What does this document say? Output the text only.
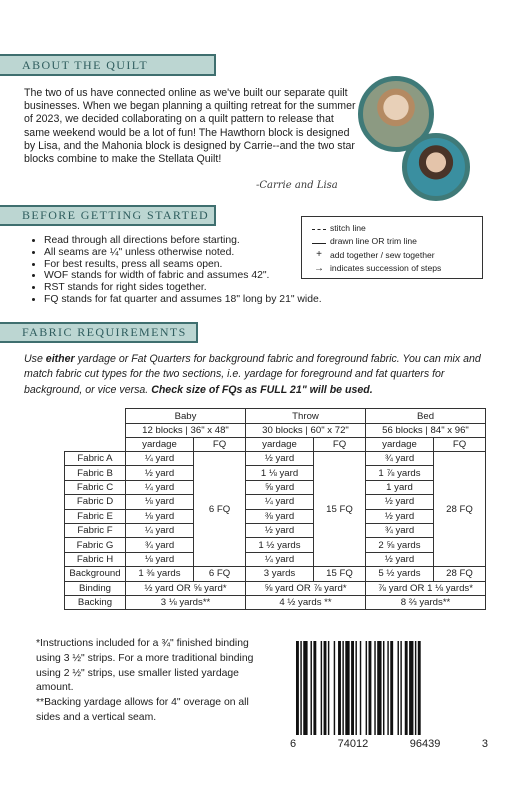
ABOUT THE QUILT

The two of us have connected online as we've built our separate quilt businesses. When we began planning a quilting retreat for the summer of 2023, we decided collaborating on a quilt pattern to release that same weekend would be a lot of fun! The Hawthorn block is designed by Lisa, and the Mahonia block is designed by Carrie--and the two star blocks combine to make the Stellata Quilt!

-Carrie and Lisa
BEFORE GETTING STARTED
• Read through all directions before starting.
• All seams are ¼" unless otherwise noted.
• For best results, press all seams open.
• WOF stands for width of fabric and assumes 42".
• RST stands for right sides together.
• FQ stands for fat quarter and assumes 18" long by 21" wide.
stitch line
drawn line OR trim line
+ add together / sew together
→ indicates succession of steps
FABRIC REQUIREMENTS

Use either yardage or Fat Quarters for background fabric and foreground fabric. You can mix and match fabric cut types for the two sections, i.e. yardage for foreground and fat quarters for background, or vice versa. Check size of FQs as FULL 21" will be used.

	Baby		Throw		Bed	
	12 blocks | 36" x 48"		30 blocks | 60" x 72"		56 blocks | 84" x 96"	
	yardage	FQ	yardage	FQ	yardage	FQ
Fabric A	¼ yard	6 FQ	½ yard	15 FQ	¾ yard	28 FQ
Fabric B	½ yard		1 ⅛ yard		1 ⅞ yards	
Fabric C	¼ yard		⅝ yard		1 yard	
Fabric D	⅛ yard		¼ yard		½ yard	
Fabric E	⅛ yard		⅜ yard		½ yard	
Fabric F	¼ yard		½ yard		¾ yard	
Fabric G	¾ yard		1 ½ yards		2 ⅝ yards	
Fabric H	⅛ yard		¼ yard		½ yard	
Background	1 ⅜ yards	6 FQ	3 yards	15 FQ	5 ½ yards	28 FQ
Binding	½ yard OR ⅝ yard*		⅝ yard OR ⅞ yard*		⅞ yard OR 1 ⅛ yards*	
Backing	3 ⅛ yards**		4 ½ yards **		8 ⅔ yards**	

*Instructions included for a ¾" finished binding using 3 ½" strips. For a more traditional binding using 2 ½" strips, use smaller listed yardage amount.

**Backing yardage allows for 4" overage on all sides and a vertical seam.

6	74012	96439	3
